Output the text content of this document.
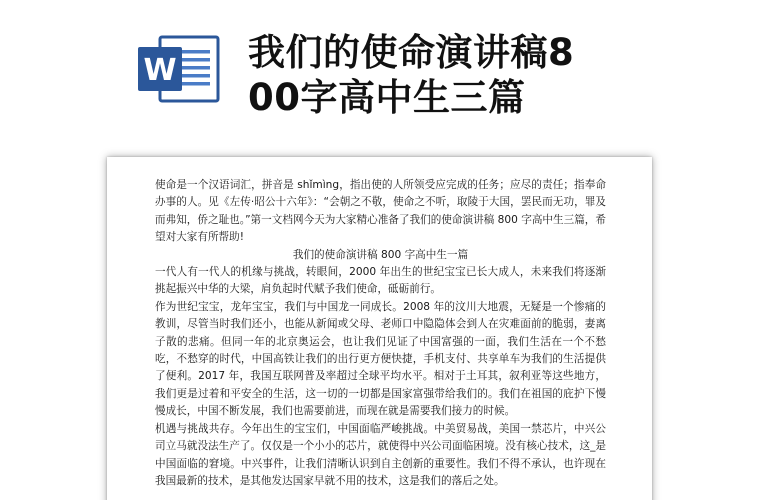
W 我们的使命演讲稿8
00字高中生三篇

使命是一个汉语词汇，拼音是 shǐmìng，指出使的人所领受应完成的任务；应尽的责任；指奉命办事的人。见《左传·昭公十六年》：“会朝之不敬，使命之不听，取陵于大国，罢民而无功，罪及而弗知，侨之耻也。”第一文档网今天为大家精心准备了我们的使命演讲稿 800 字高中生三篇，希望对大家有所帮助!

我们的使命演讲稿 800 字高中生一篇

一代人有一代人的机缘与挑战，转眼间，2000 年出生的世纪宝宝已长大成人，未来我们将逐渐挑起振兴中华的大梁，肩负起时代赋予我们使命，砥砺前行。

作为世纪宝宝，龙年宝宝，我们与中国龙一同成长。2008 年的汶川大地震，无疑是一个惨痛的教训，尽管当时我们还小，也能从新闻或父母、老师口中隐隐体会到人在灾难面前的脆弱，妻离子散的悲痛。但同一年的北京奥运会，也让我们见证了中国富强的一面，我们生活在一个不愁吃，不愁穿的时代，中国高铁让我们的出行更方便快捷，手机支付、共享单车为我们的生活提供了便利。2017 年，我国互联网普及率超过全球平均水平。相对于土耳其，叙利亚等这些地方，我们更是过着和平安全的生活，这一切的一切都是国家富强带给我们的。我们在祖国的庇护下慢慢成长，中国不断发展，我们也需要前进，而现在就是需要我们接力的时候。

机遇与挑战共存。今年出生的宝宝们，中国面临严峻挑战。中美贸易战，美国一禁芯片，中兴公司立马就没法生产了。仅仅是一个小小的芯片，就使得中兴公司面临困境。没有核心技术，这_是中国面临的窘境。中兴事件，让我们清晰认识到自主创新的重要性。我们不得不承认，也许现在我国最新的技术，是其他发达国家早就不用的技术，这是我们的落后之处。
